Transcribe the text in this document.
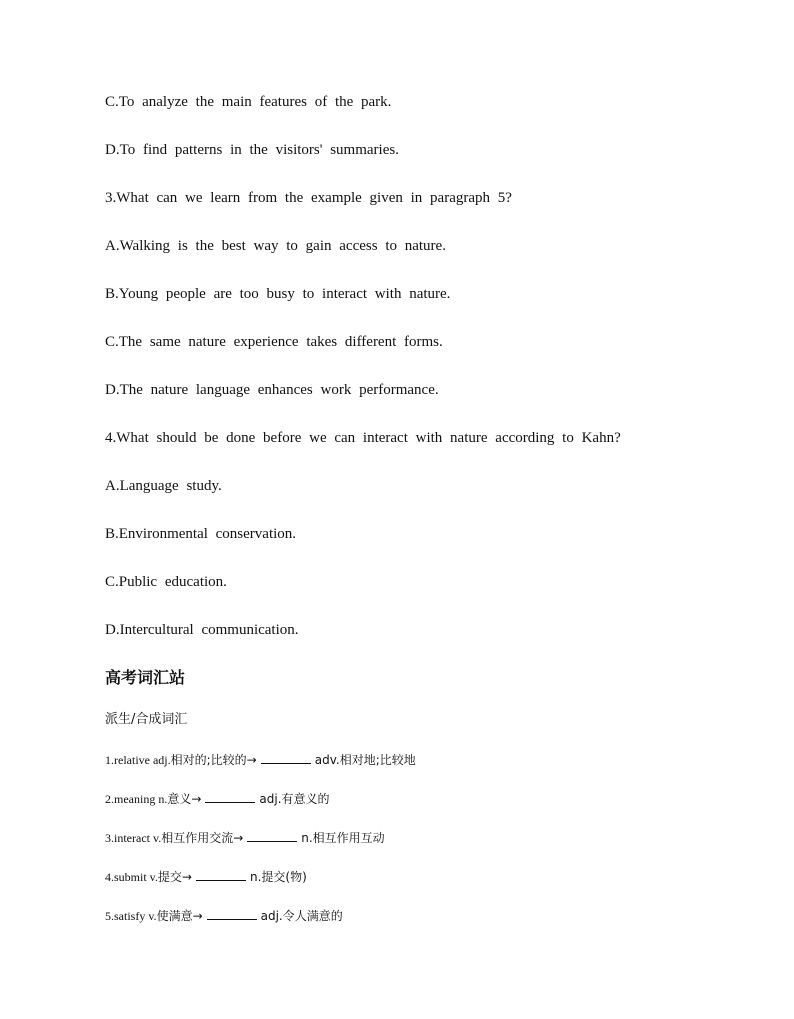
C.To analyze the main features of the park.
D.To find patterns in the visitors' summaries.
3.What can we learn from the example given in paragraph 5?
A.Walking is the best way to gain access to nature.
B.Young people are too busy to interact with nature.
C.The same nature experience takes different forms.
D.The nature language enhances work performance.
4.What should be done before we can interact with nature according to Kahn?
A.Language study.
B.Environmental conservation.
C.Public education.
D.Intercultural communication.
高考词汇站
派生/合成词汇
1.relative adj.相对的;比较的→	adv.相对地;比较地
2.meaning n.意义→	adj.有意义的
3.interact v.相互作用交流→	n.相互作用互动
4.submit v.提交→	n.提交(物)
5.satisfy v.使满意→	adj.令人满意的
